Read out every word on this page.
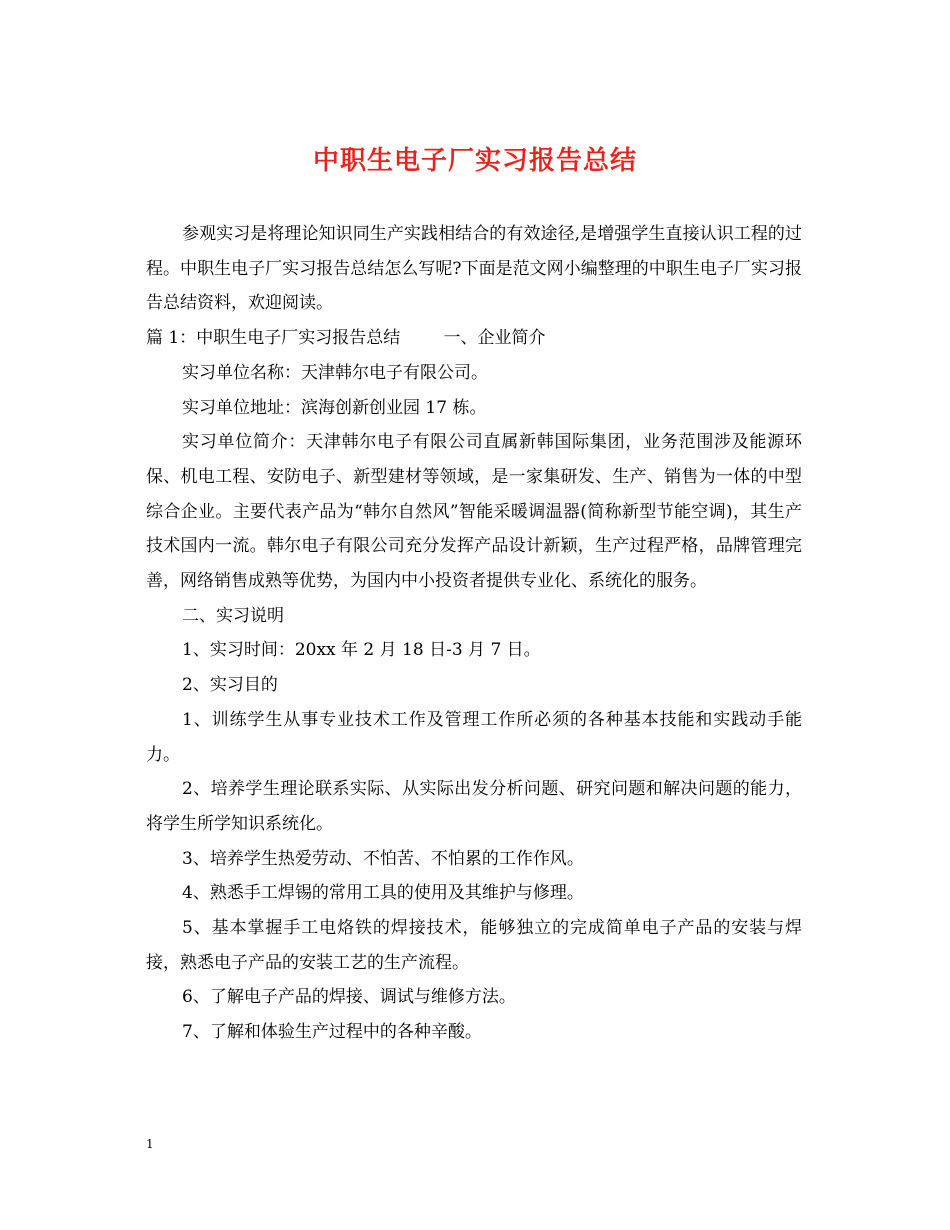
中职生电子厂实习报告总结

参观实习是将理论知识同生产实践相结合的有效途径,是增强学生直接认识工程的过程。中职生电子厂实习报告总结怎么写呢?下面是范文网小编整理的中职生电子厂实习报告总结资料，欢迎阅读。

篇 1：中职生电子厂实习报告总结        一、企业简介

实习单位名称：天津韩尔电子有限公司。

实习单位地址：滨海创新创业园 17 栋。

实习单位简介：天津韩尔电子有限公司直属新韩国际集团，业务范围涉及能源环保、机电工程、安防电子、新型建材等领域，是一家集研发、生产、销售为一体的中型综合企业。主要代表产品为“韩尔自然风”智能采暖调温器(简称新型节能空调)，其生产技术国内一流。韩尔电子有限公司充分发挥产品设计新颖，生产过程严格，品牌管理完善，网络销售成熟等优势，为国内中小投资者提供专业化、系统化的服务。

二、实习说明

1、实习时间：20xx 年 2 月 18 日-3 月 7 日。

2、实习目的

1、训练学生从事专业技术工作及管理工作所必须的各种基本技能和实践动手能力。

2、培养学生理论联系实际、从实际出发分析问题、研究问题和解决问题的能力，将学生所学知识系统化。

3、培养学生热爱劳动、不怕苦、不怕累的工作作风。

4、熟悉手工焊锡的常用工具的使用及其维护与修理。

5、基本掌握手工电烙铁的焊接技术，能够独立的完成简单电子产品的安装与焊接，熟悉电子产品的安装工艺的生产流程。

6、了解电子产品的焊接、调试与维修方法。

7、了解和体验生产过程中的各种辛酸。

1
